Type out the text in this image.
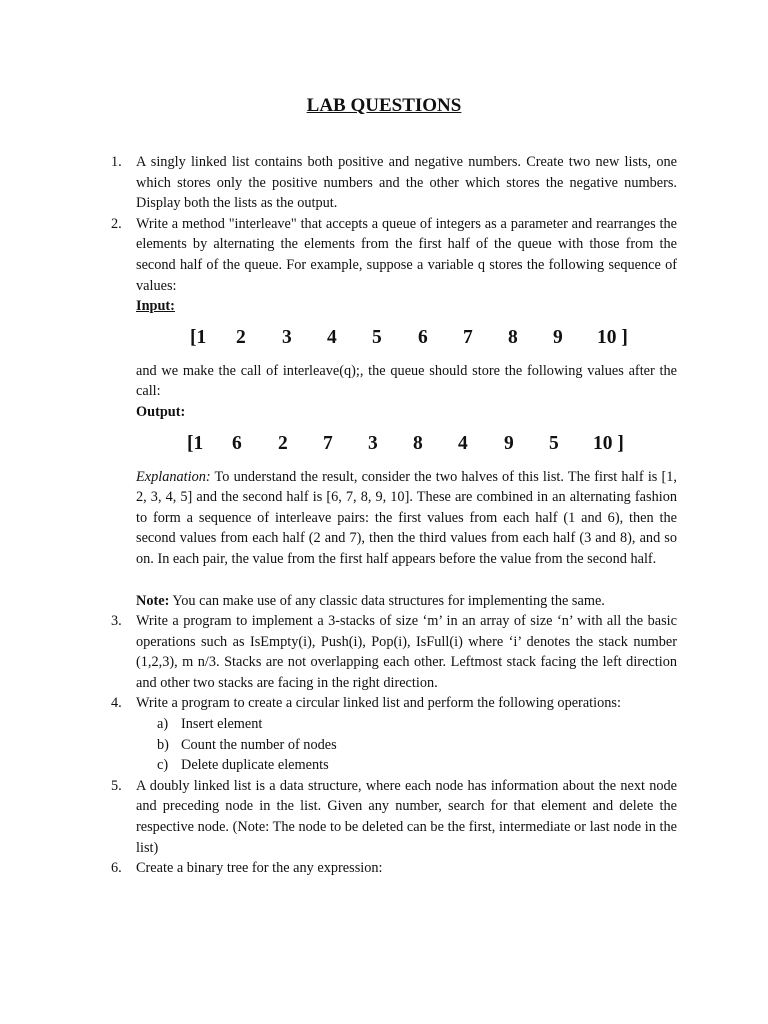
LAB QUESTIONS
1. A singly linked list contains both positive and negative numbers. Create two new lists, one which stores only the positive numbers and the other which stores the negative numbers. Display both the lists as the output.

2. Write a method "interleave" that accepts a queue of integers as a parameter and rearranges the elements by alternating the elements from the first half of the queue with those from the second half of the queue. For example, suppose a variable q stores the following sequence of values:

Input:
[1 2 3 4 5 6 7 8 9 10 ]

and we make the call of interleave(q);, the queue should store the following values after the call:

Output:
[1 6 2 7 3 8 4 9 5 10 ]

Explanation: To understand the result, consider the two halves of this list. The first half is [1, 2, 3, 4, 5] and the second half is [6, 7, 8, 9, 10]. These are combined in an alternating fashion to form a sequence of interleave pairs: the first values from each half (1 and 6), then the second values from each half (2 and 7), then the third values from each half (3 and 8), and so on. In each pair, the value from the first half appears before the value from the second half.

Note: You can make use of any classic data structures for implementing the same.

3. Write a program to implement a 3-stacks of size ‘m’ in an array of size ‘n’ with all the basic operations such as IsEmpty(i), Push(i), Pop(i), IsFull(i) where ‘i’ denotes the stack number (1,2,3), m n/3. Stacks are not overlapping each other. Leftmost stack facing the left direction and other two stacks are facing in the right direction.

4. Write a program to create a circular linked list and perform the following operations:

a) Insert element
b) Count the number of nodes
c) Delete duplicate elements
5. A doubly linked list is a data structure, where each node has information about the next node and preceding node in the list. Given any number, search for that element and delete the respective node. (Note: The node to be deleted can be the first, intermediate or last node in the list)

6. Create a binary tree for the any expression:
